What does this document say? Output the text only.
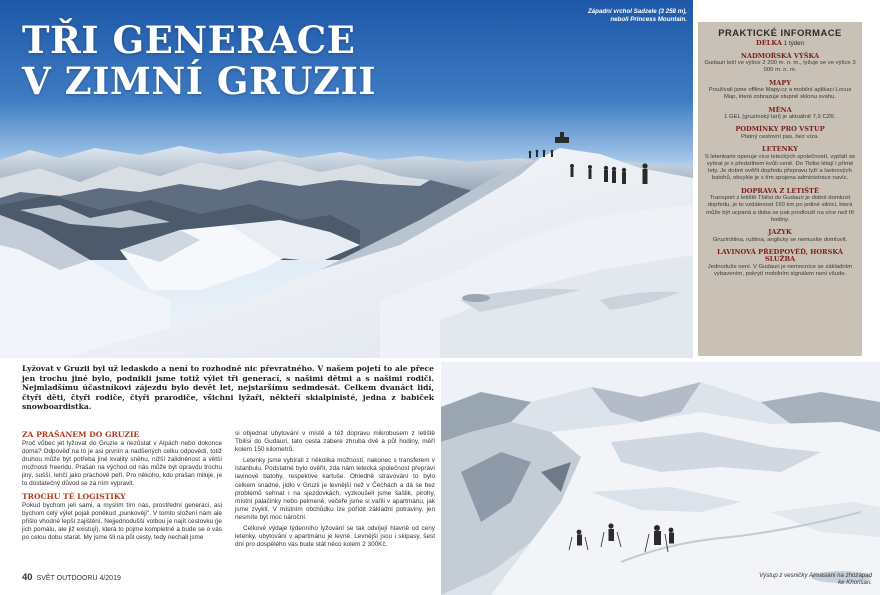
TŘI GENERACE
V ZIMNÍ GRUZII
Západní vrchol Sadzele (3 258 m), neboli Princess Mountain.
PRAKTICKÉ INFORMACE
DÉLKA 1 týden
NADMOŘSKÁ VÝŠKA
Gudauri leží ve výšce 2 200 m. n. m., lyžuje se ve výšce 3 000 m. n. m.
MAPY
Používali jsme offline Mapy.cz a mobilní aplikaci Locus Map, která zobrazuje stupně sklonu svahu.
MĚNA
1 GEL (gruzínský lari) je aktuálně 7,9 CZK.
PODMÍNKY PRO VSTUP
Platný cestovní pas, bez víza.
LETENKY
S letenkami operuje více leteckých společností, vyplatí se vybrat je s předstihem kvůli ceně. Do Tbilisi létají i přímé lety. Je dobré ověřit dopředu přepravu lyží a lavinových batohů, obvykle je s tím spojena administrace navíc.
DOPRAVA Z LETIŠTĚ
Transport z letiště Tbilisi do Gudauri je dobré domluvit dopředu, je to vzdálenost 150 km po jediné silnici, která může být ucpaná a doba se pak prodlouží na více než tři hodiny.
JAZYK
Gruzínština, ruština, anglicky se nemusíte domluvit.
LAVINOVÁ PŘEDPOVĚĎ, HORSKÁ SLUŽBA
Jednoduše není. V Gudauri je nemocnice se základním vybavením, pokrytí mobilním signálem není všude.
Lyžovat v Gruzii byl už ledaskdo a není to rozhodně nic převratného. V našem pojetí to ale přece jen trochu jiné bylo, podnikli jsme totiž výlet tři generací, s našimi dětmi a s našimi rodiči. Nejmladšímu účastníkovi zájezdu bylo devět let, nejstaršímu sedmdesát. Celkem dvanáct lidí, čtyři děti, čtyři rodiče, čtyři prarodiče, všichni lyžaři, někteří skialpinisté, jedna z babiček snowboardistka.
ZA PRAŠANEM DO GRUZIE
Proč vůbec jet lyžovat do Gruzie a nezůstat v Alpách nebo dokonce doma? Odpověď na to je asi prvnín a nadšených celku odpovědí, totiž druhou může být potřeba jiné kvality sněhu, nižší zalidněnost a větší možnosti freeridu. Prašan na východ od nás může být opravdu trochu jiný, sušší, lehčí jako prachové peří. Pro někoho, kdo prašan miluje, je to dostatečný důvod se za ním vypravit.
TROCHU TÉ LOGISTIKY
Pokud bychom jeli sami, a myslím tím nás, prostřední generaci, asi bychom celý výlet pojali poněkud „punkověji". V tomto složení nám ale přišlo vhodné lepší zajištění. Nejjednodušší volbou je najít cestovku (je jich pomálu, ale již existují), která to pojme kompletně a bude se o vás po celou dobu starat. My jsme šli na půl cesty, tedy nechali jsme
si objednat ubytování v místě a též dopravu mikrobusem z letiště Tbilisi do Gudauri, tato cesta zabere zhruba dvě a půl hodiny, měří kolem 150 kilometrů.
Letenky jsme vybírali z několika možností, nakonec s transferem v Istanbulu. Podstatné bylo ověřit, zda nám letecká společnost přepraví lavinové batohy, respektive kartuše. Ohledně stravování to bylo celkem snadné, jídlo v Gruzii je levnější než v Čechách a dá se bez problémů sehnat i na sjezdovkách, vyzkoušeli jsme šašlik, pirohy, místní palačinky nebo pelmeně, večeře jsme si vařili v apartmánu, jak jsme zvyklí. V místním obchůdku lze pořídit základní potraviny, jen nesmíte být moc nároční.
Celkové výdaje týdenního lyžování se tak odvíjejí hlavně od ceny letenky, ubytování v apartmánu je levné. Levnější jsou i skipasy, šest dní pro dospělého vás bude stát něco kolem 2 300Kč.
40 SVĚT OUTDOORU 4/2019	Výstup z vesničky Almasiani na zhozapad ke Khorisari.
